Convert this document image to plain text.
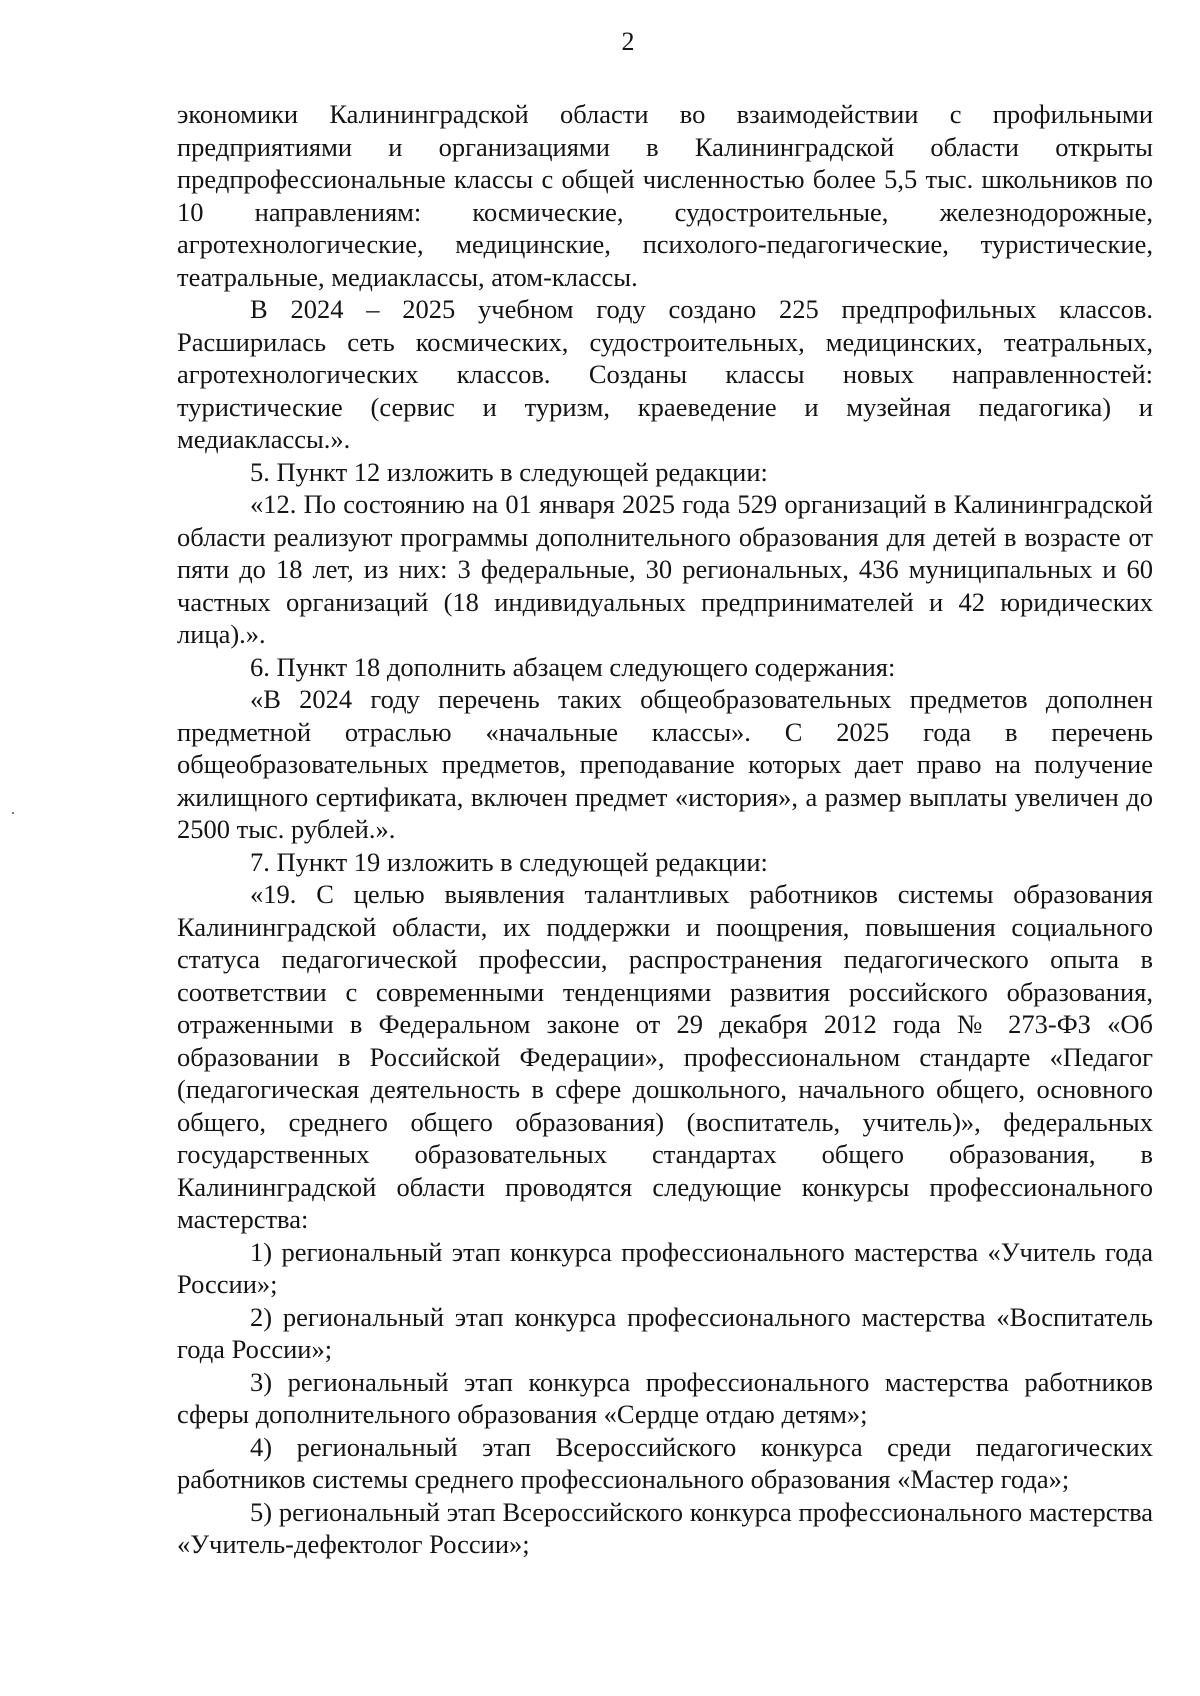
2

экономики Калининградской области во взаимодействии с профильными предприятиями и организациями в Калининградской области открыты предпрофессиональные классы с общей численностью более 5,5 тыс. школьников по 10 направлениям: космические, судостроительные, железнодорожные, агротехнологические, медицинские, психолого-педагогические, туристические, театральные, медиаклассы, атом-классы.

В 2024 – 2025 учебном году создано 225 предпрофильных классов. Расширилась сеть космических, судостроительных, медицинских, театральных, агротехнологических классов. Созданы классы новых направленностей: туристические (сервис и туризм, краеведение и музейная педагогика) и медиаклассы.».

5. Пункт 12 изложить в следующей редакции:

«12. По состоянию на 01 января 2025 года 529 организаций в Калининградской области реализуют программы дополнительного образования для детей в возрасте от пяти до 18 лет, из них: 3 федеральные, 30 региональных, 436 муниципальных и 60 частных организаций (18 индивидуальных предпринимателей и 42 юридических лица).».

6. Пункт 18 дополнить абзацем следующего содержания:

«В 2024 году перечень таких общеобразовательных предметов дополнен предметной отраслью «начальные классы». С 2025 года в перечень общеобразовательных предметов, преподавание которых дает право на получение жилищного сертификата, включен предмет «история», а размер выплаты увеличен до 2500 тыс. рублей.».

7. Пункт 19 изложить в следующей редакции:

«19. С целью выявления талантливых работников системы образования Калининградской области, их поддержки и поощрения, повышения социального статуса педагогической профессии, распространения педагогического опыта в соответствии с современными тенденциями развития российского образования, отраженными в Федеральном законе от 29 декабря 2012 года № 273-ФЗ «Об образовании в Российской Федерации», профессиональном стандарте «Педагог (педагогическая деятельность в сфере дошкольного, начального общего, основного общего, среднего общего образования) (воспитатель, учитель)», федеральных государственных образовательных стандартах общего образования, в Калининградской области проводятся следующие конкурсы профессионального мастерства:

1) региональный этап конкурса профессионального мастерства «Учитель года России»;

2) региональный этап конкурса профессионального мастерства «Воспитатель года России»;

3) региональный этап конкурса профессионального мастерства работников сферы дополнительного образования «Сердце отдаю детям»;

4) региональный этап Всероссийского конкурса среди педагогических работников системы среднего профессионального образования «Мастер года»;

5) региональный этап Всероссийского конкурса профессионального мастерства «Учитель-дефектолог России»;
